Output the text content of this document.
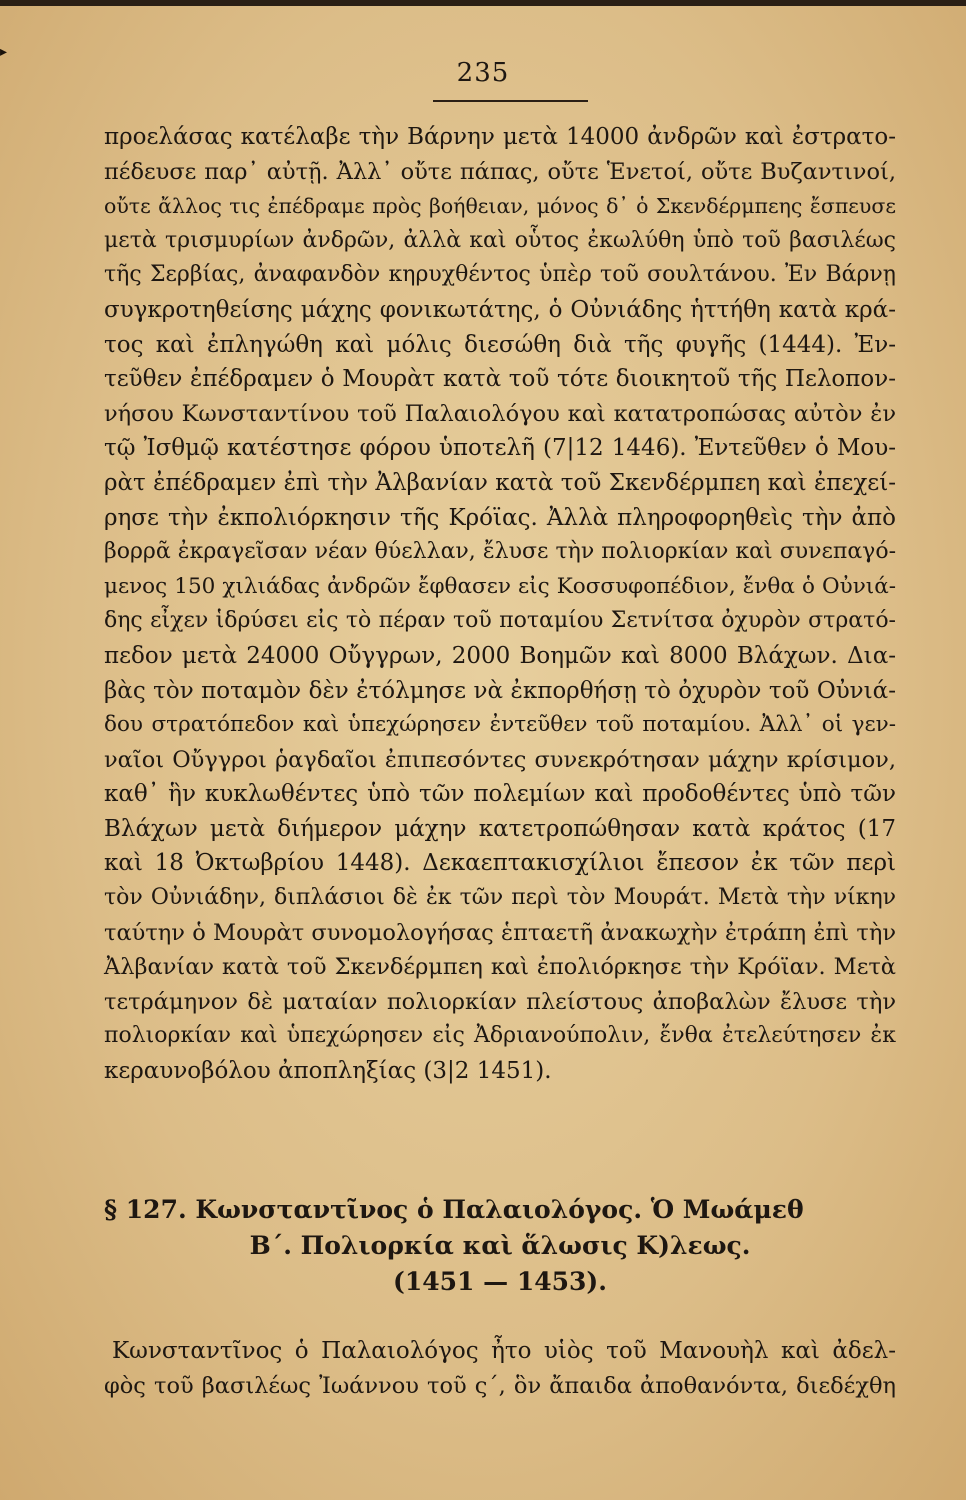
▸
235
προελάσας κατέλαβε τὴν Βάρνην μετὰ 14000 ἀνδρῶν καὶ ἐστρατο-
πέδευσε παρ᾽ αὐτῇ. Ἀλλ᾽ οὔτε πάπας, οὔτε Ἑνετοί, οὔτε Βυζαντινοί,
οὔτε ἄλλος τις ἐπέδραμε πρὸς βοήθειαν, μόνος δ᾽ ὁ Σκενδέρμπεης ἔσπευσε
μετὰ τρισμυρίων ἀνδρῶν, ἀλλὰ καὶ οὗτος ἐκωλύθη ὑπὸ τοῦ βασιλέως
τῆς Σερβίας, ἀναφανδὸν κηρυχθέντος ὑπὲρ τοῦ σουλτάνου. Ἐν Βάρνῃ
συγκροτηθείσης μάχης φονικωτάτης, ὁ Οὐνιάδης ἡττήθη κατὰ κρά-
τος καὶ ἐπληγώθη καὶ μόλις διεσώθη διὰ τῆς φυγῆς (1444). Ἐν-
τεῦθεν ἐπέδραμεν ὁ Μουρὰτ κατὰ τοῦ τότε διοικητοῦ τῆς Πελοπον-
νήσου Κωνσταντίνου τοῦ Παλαιολόγου καὶ κατατροπώσας αὐτὸν ἐν
τῷ Ἰσθμῷ κατέστησε φόρου ὑποτελῆ (7|12 1446). Ἐντεῦθεν ὁ Μου-
ρὰτ ἐπέδραμεν ἐπὶ τὴν Ἀλβανίαν κατὰ τοῦ Σκενδέρμπεη καὶ ἐπεχεί-
ρησε τὴν ἐκπολιόρκησιν τῆς Κρόϊας. Ἀλλὰ πληροφορηθεὶς τὴν ἀπὸ
βορρᾶ ἐκραγεῖσαν νέαν θύελλαν, ἔλυσε τὴν πολιορκίαν καὶ συνεπαγό-
μενος 150 χιλιάδας ἀνδρῶν ἔφθασεν εἰς Κοσσυφοπέδιον, ἔνθα ὁ Οὐνιά-
δης εἶχεν ἱδρύσει εἰς τὸ πέραν τοῦ ποταμίου Σετνίτσα ὀχυρὸν στρατό-
πεδον μετὰ 24000 Οὔγγρων, 2000 Βοημῶν καὶ 8000 Βλάχων. Δια-
βὰς τὸν ποταμὸν δὲν ἐτόλμησε νὰ ἐκπορθήσῃ τὸ ὀχυρὸν τοῦ Οὐνιά-
δου στρατόπεδον καὶ ὑπεχώρησεν ἐντεῦθεν τοῦ ποταμίου. Ἀλλ᾽ οἱ γεν-
ναῖοι Οὔγγροι ῥαγδαῖοι ἐπιπεσόντες συνεκρότησαν μάχην κρίσιμον,
καθ᾽ ἣν κυκλωθέντες ὑπὸ τῶν πολεμίων καὶ προδοθέντες ὑπὸ τῶν
Βλάχων μετὰ διήμερον μάχην κατετροπώθησαν κατὰ κράτος (17
καὶ 18 Ὀκτωβρίου 1448). Δεκαεπτακισχίλιοι ἔπεσον ἐκ τῶν περὶ
τὸν Οὐνιάδην, διπλάσιοι δὲ ἐκ τῶν περὶ τὸν Μουράτ. Μετὰ τὴν νίκην
ταύτην ὁ Μουρὰτ συνομολογήσας ἑπταετῆ ἀνακωχὴν ἐτράπη ἐπὶ τὴν
Ἀλβανίαν κατὰ τοῦ Σκενδέρμπεη καὶ ἐπολιόρκησε τὴν Κρόϊαν. Μετὰ
τετράμηνον δὲ ματαίαν πολιορκίαν πλείστους ἀποβαλὼν ἔλυσε τὴν
πολιορκίαν καὶ ὑπεχώρησεν εἰς Ἀδριανούπολιν, ἔνθα ἐτελεύτησεν ἐκ
κεραυνοβόλου ἀποπληξίας (3|2 1451).
§ 127. Κωνσταντῖνος ὁ Παλαιολόγος. Ὁ Μωάμεθ
Β΄. Πολιορκία καὶ ἅλωσις Κ)λεως.
(1451 — 1453).
Κωνσταντῖνος ὁ Παλαιολόγος ἦτο υἱὸς τοῦ Μανουὴλ καὶ ἀδελ-
φὸς τοῦ βασιλέως Ἰωάννου τοῦ ς΄, ὃν ἄπαιδα ἀποθανόντα, διεδέχθη
